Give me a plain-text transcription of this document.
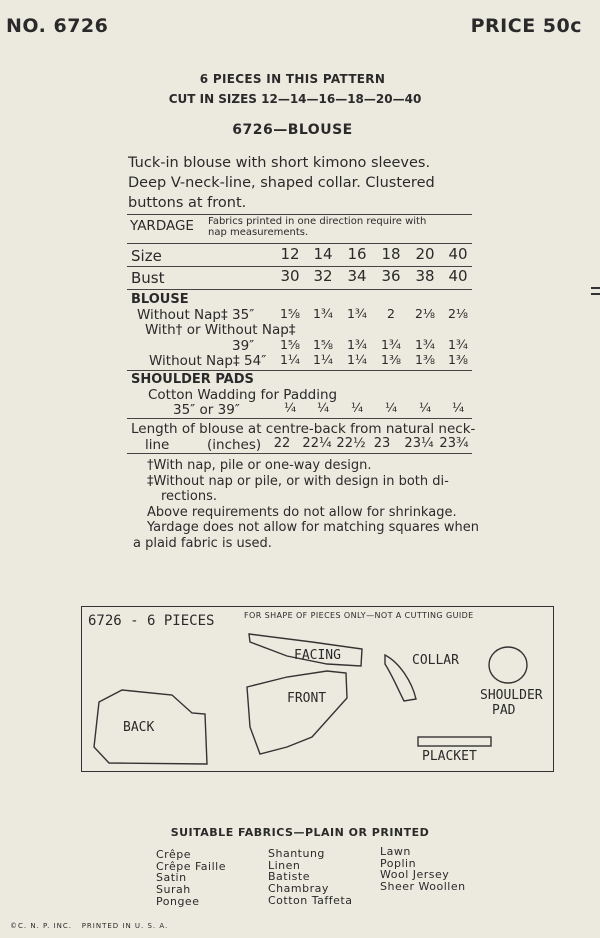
NO. 6726	PRICE 50c
6 PIECES IN THIS PATTERN
CUT IN SIZES 12—14—16—18—20—40
6726—BLOUSE
Tuck-in blouse with short kimono sleeves.
Deep V-neck-line, shaped collar. Clustered
buttons at front.
YARDAGE Fabrics printed in one direction require with
nap measurements.
Size	12 14 16 18 20 40
Bust	30 32 34 36 38 40
BLOUSE
Without Nap‡ 35″	1⅝	1¾	1¾	2	2⅛	2⅛
With† or Without Nap‡
39″	1⅝	1⅝	1¾	1¾	1¾	1¾
Without Nap‡ 54″	1¼	1¼	1¼	1⅜	1⅜	1⅜
SHOULDER PADS
Cotton Wadding for Padding
35″ or 39″	¼	¼	¼	¼	¼	¼
Length of blouse at centre-back from natural neck-
line	(inches) 22 22¼ 22½ 23	23¼ 23¾
†With nap, pile or one-way design.
‡Without nap or pile, or with design in both di-
rections.
Above requirements do not allow for shrinkage.
Yardage does not allow for matching squares when
a plaid fabric is used.
6726 - 6 PIECES	FOR SHAPE OF PIECES ONLY—NOT A CUTTING GUIDE
FACING	COLLAR
FRONT
BACK
SHOULDER
PAD
PLACKET
SUITABLE FABRICS—PLAIN OR PRINTED
Crêpe
Crêpe Faille
Satin
Surah
Pongee
Shantung
Linen
Batiste
Chambray
Cotton Taffeta
Lawn
Poplin
Wool Jersey
Sheer Woollen
©C. N. P. INC.   PRINTED IN U. S. A.
